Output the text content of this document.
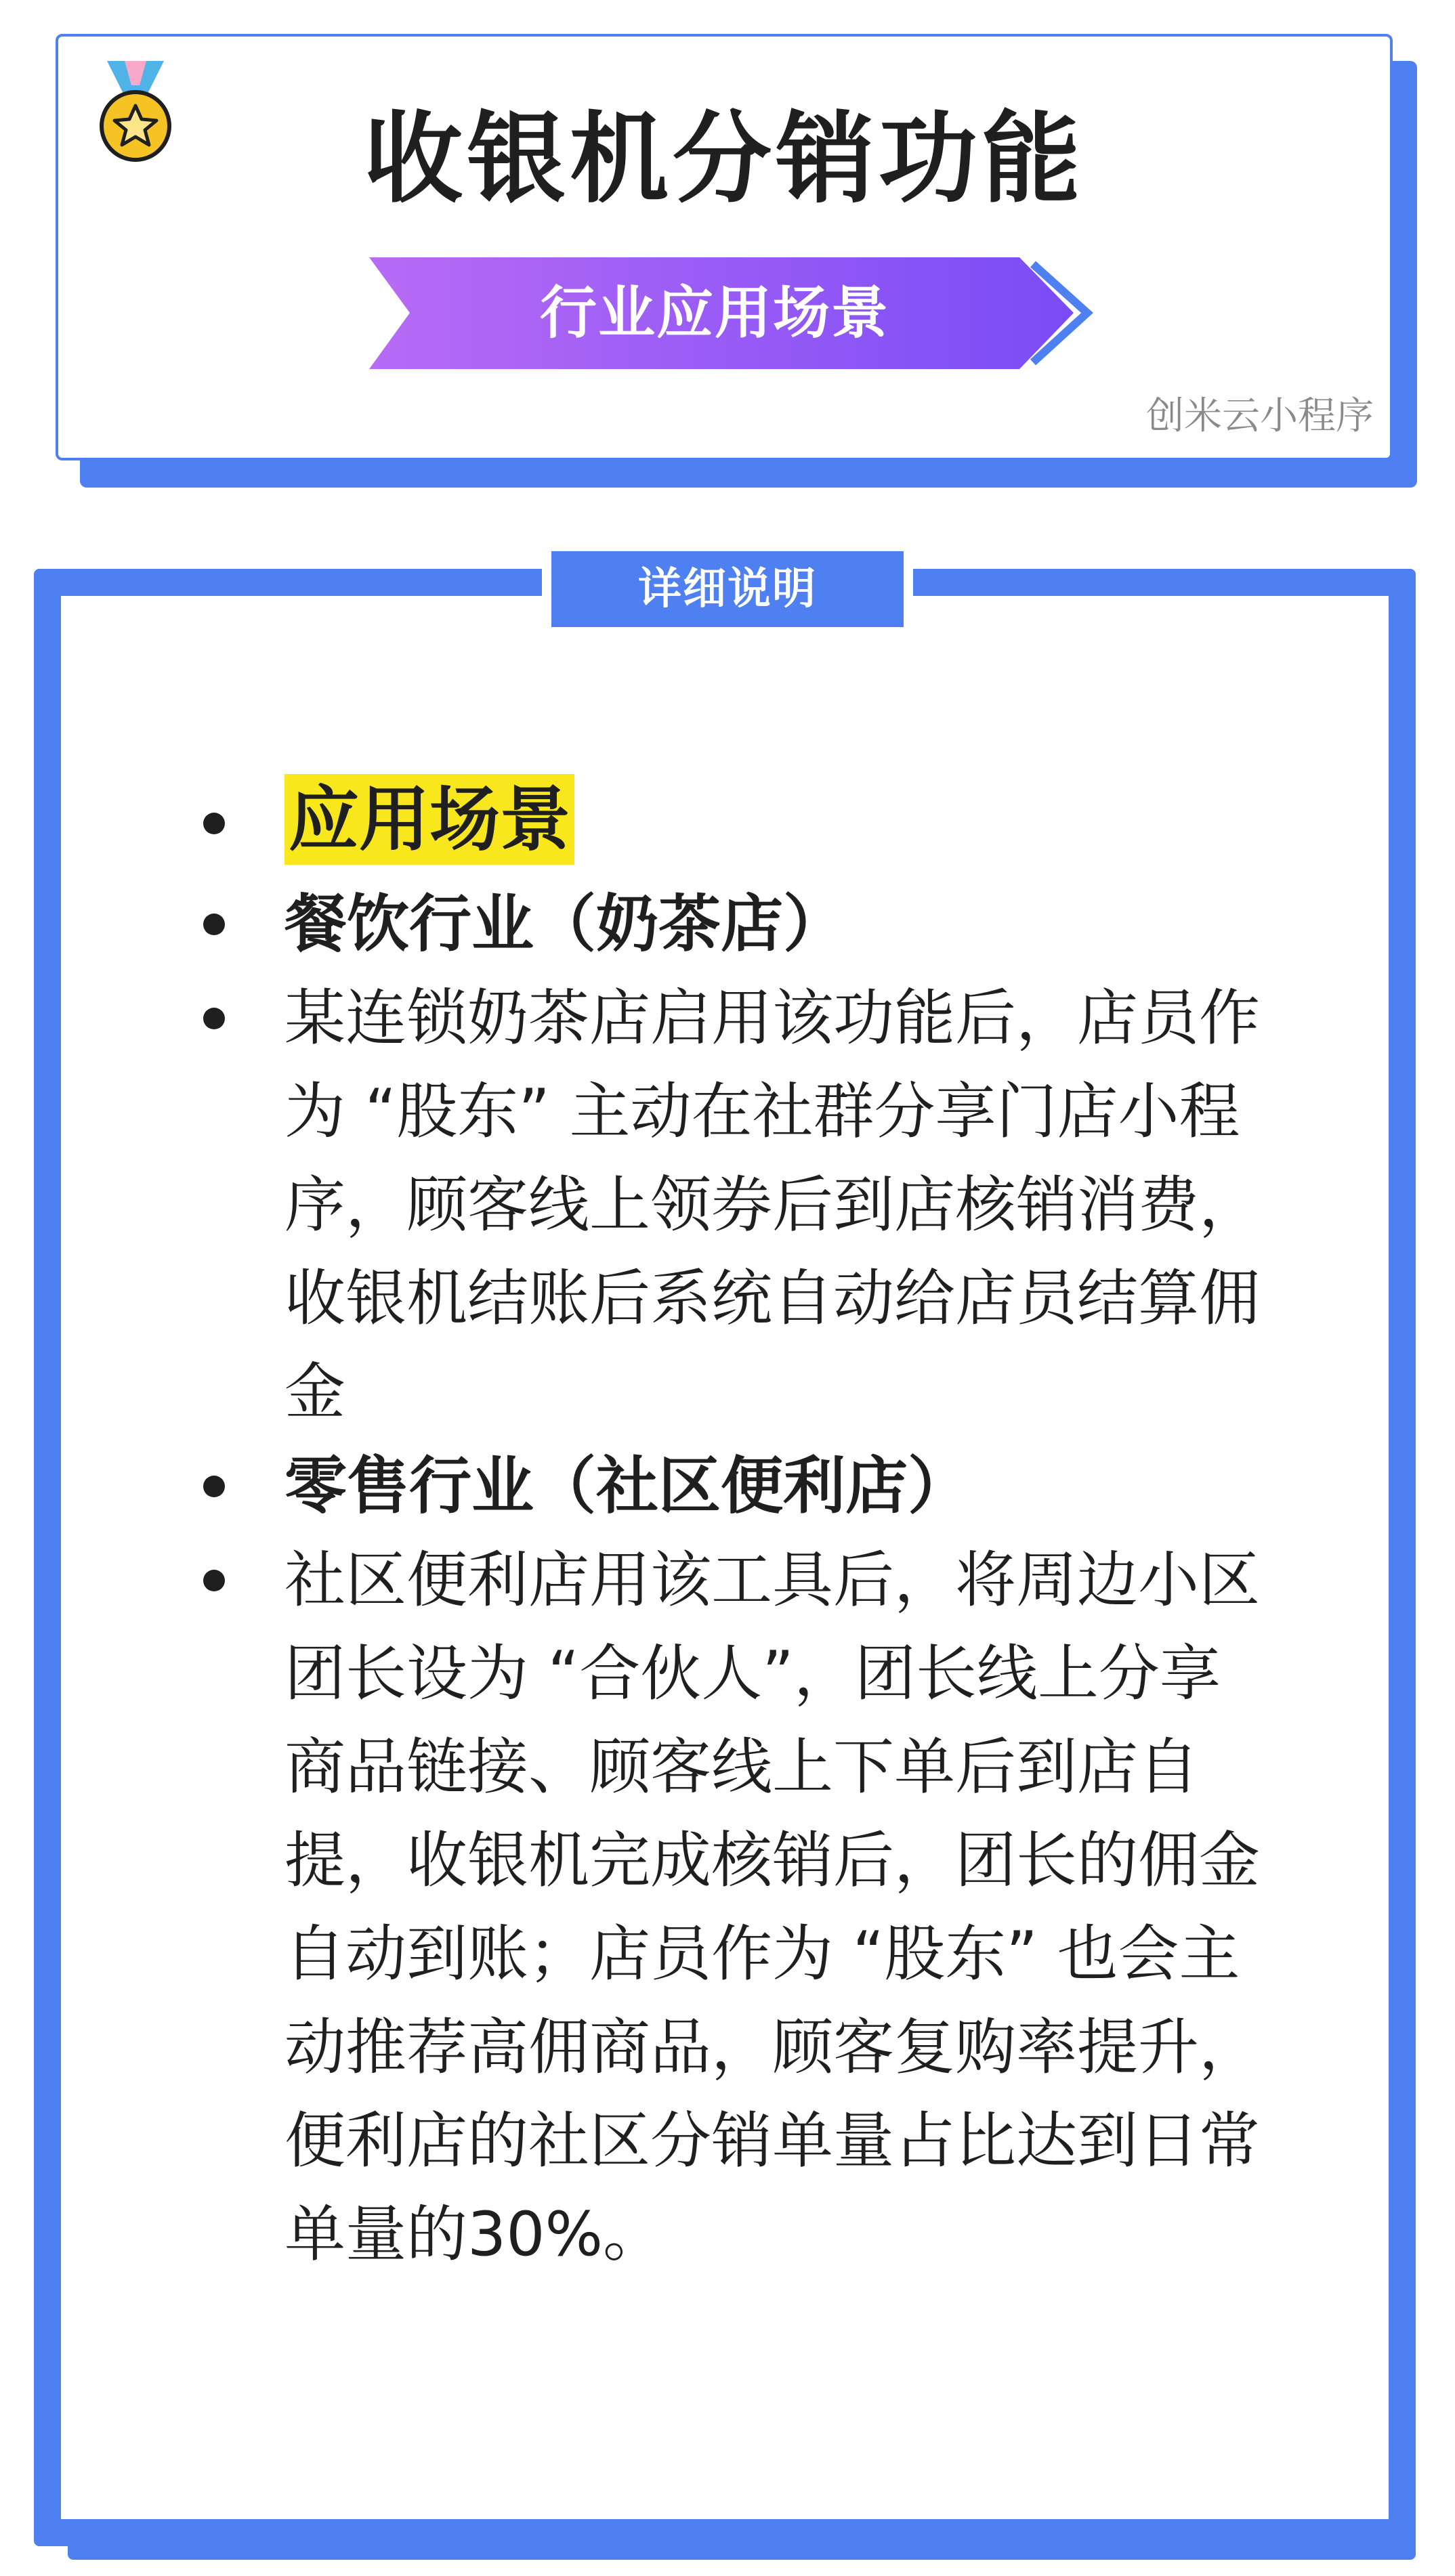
收银机分销功能
行业应用场景
创米云小程序
详细说明
应用场景
餐饮行业（奶茶店）
某连锁奶茶店启用该功能后，店员作为 “股东” 主动在社群分享门店小程序，顾客线上领券后到店核销消费，收银机结账后系统自动给店员结算佣金
零售行业（社区便利店）
社区便利店用该工具后，将周边小区团长设为 “合伙人”，团长线上分享商品链接、顾客线上下单后到店自提，收银机完成核销后，团长的佣金自动到账；店员作为 “股东” 也会主动推荐高佣商品，顾客复购率提升，便利店的社区分销单量占比达到日常单量的30%。
